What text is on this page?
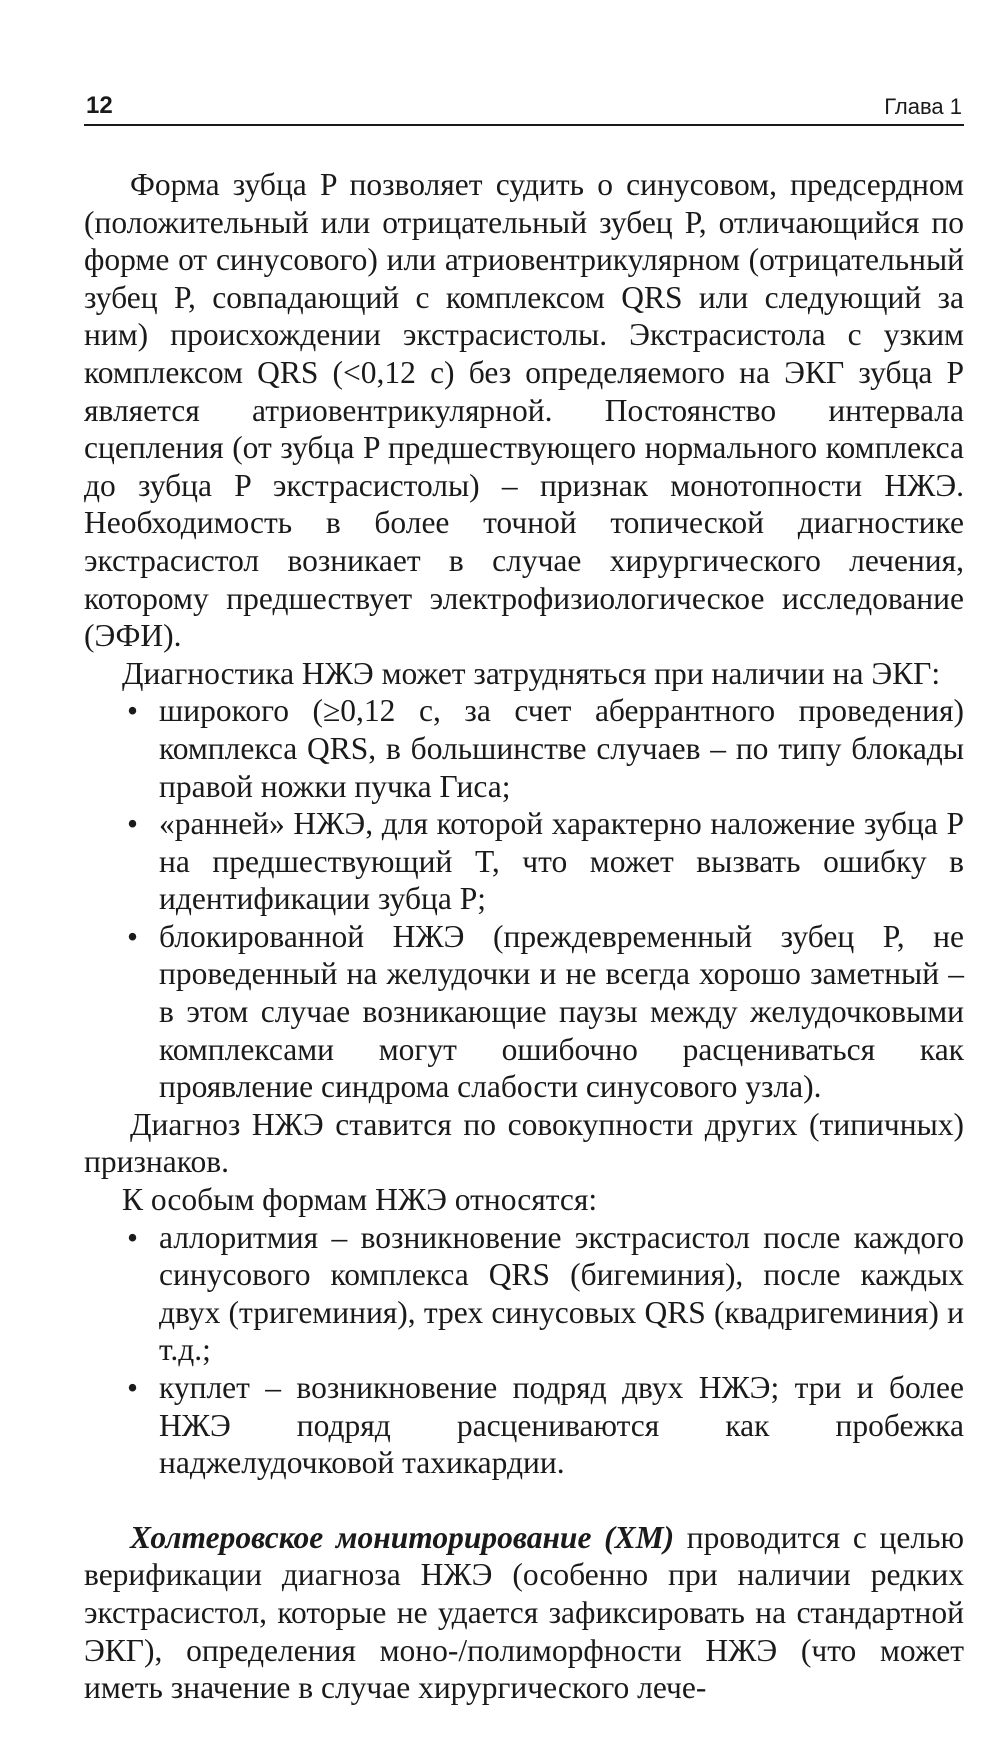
12	Глава 1

Форма зубца P позволяет судить о синусовом, предсердном (положительный или отрицательный зубец P, отличающийся по форме от синусового) или атриовентрикулярном (отрицательный зубец P, совпадающий с комплексом QRS или следующий за ним) происхождении экстрасистолы. Экстрасистола с узким комплексом QRS (<0,12 с) без определяемого на ЭКГ зубца P является атриовентрикулярной. Постоянство интервала сцепления (от зубца P предшествующего нормального комплекса до зубца P экстрасистолы) – признак монотопности НЖЭ. Необходимость в более точной топической диагностике экстрасистол возникает в случае хирургического лечения, которому предшествует электрофизиологическое исследование (ЭФИ).

Диагностика НЖЭ может затрудняться при наличии на ЭКГ:

• широкого (≥0,12 с, за счет аберрантного проведения) комплекса QRS, в большинстве случаев – по типу блокады правой ножки пучка Гиса;
• «ранней» НЖЭ, для которой характерно наложение зубца P на предшествующий T, что может вызвать ошибку в идентификации зубца P;
• блокированной НЖЭ (преждевременный зубец P, не проведенный на желудочки и не всегда хорошо заметный – в этом случае возникающие паузы между желудочковыми комплексами могут ошибочно расцениваться как проявление синдрома слабости синусового узла).

Диагноз НЖЭ ставится по совокупности других (типичных) признаков.

К особым формам НЖЭ относятся:

• аллоритмия – возникновение экстрасистол после каждого синусового комплекса QRS (бигеминия), после каждых двух (тригеминия), трех синусовых QRS (квадригеминия) и т.д.;
• куплет – возникновение подряд двух НЖЭ; три и более НЖЭ подряд расцениваются как пробежка наджелудочковой тахикардии.

Холтеровское мониторирование (ХМ) проводится с целью верификации диагноза НЖЭ (особенно при наличии редких экстрасистол, которые не удается зафиксировать на стандартной ЭКГ), определения моно-/полиморфности НЖЭ (что может иметь значение в случае хирургического лече-
